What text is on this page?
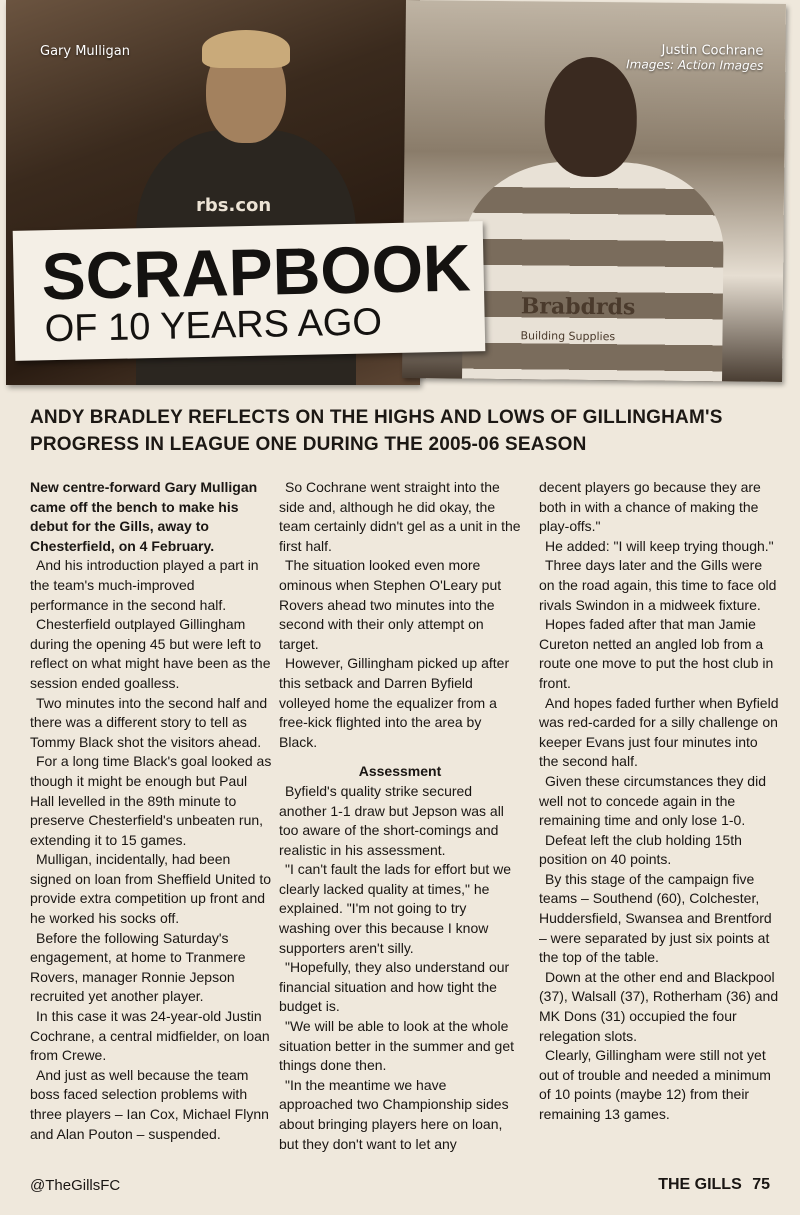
rbs.con
Gary Mulligan
Brabdrds
Building Supplies
Justin Cochrane
Images: Action Images
SCRAPBOOK
OF 10 YEARS AGO
ANDY BRADLEY REFLECTS ON THE HIGHS AND LOWS OF GILLINGHAM'S PROGRESS IN LEAGUE ONE DURING THE 2005-06 SEASON

New centre-forward Gary Mulligan came off the bench to make his debut for the Gills, away to Chesterfield, on 4 February.

And his introduction played a part in the team's much-improved performance in the second half.

Chesterfield outplayed Gillingham during the opening 45 but were left to reflect on what might have been as the session ended goalless.

Two minutes into the second half and there was a different story to tell as Tommy Black shot the visitors ahead.

For a long time Black's goal looked as though it might be enough but Paul Hall levelled in the 89th minute to preserve Chesterfield's unbeaten run, extending it to 15 games.

Mulligan, incidentally, had been signed on loan from Sheffield United to provide extra competition up front and he worked his socks off.

Before the following Saturday's engagement, at home to Tranmere Rovers, manager Ronnie Jepson recruited yet another player.

In this case it was 24-year-old Justin Cochrane, a central midfielder, on loan from Crewe.

And just as well because the team boss faced selection problems with three players – Ian Cox, Michael Flynn and Alan Pouton – suspended.

So Cochrane went straight into the side and, although he did okay, the team certainly didn't gel as a unit in the first half.

The situation looked even more ominous when Stephen O'Leary put Rovers ahead two minutes into the second with their only attempt on target.

However, Gillingham picked up after this setback and Darren Byfield volleyed home the equalizer from a free-kick flighted into the area by Black.

Assessment

Byfield's quality strike secured another 1-1 draw but Jepson was all too aware of the short-comings and realistic in his assessment.

"I can't fault the lads for effort but we clearly lacked quality at times," he explained. "I'm not going to try washing over this because I know supporters aren't silly.

"Hopefully, they also understand our financial situation and how tight the budget is.

"We will be able to look at the whole situation better in the summer and get things done then.

"In the meantime we have approached two Championship sides about bringing players here on loan, but they don't want to let any

decent players go because they are both in with a chance of making the play-offs."

He added: "I will keep trying though."

Three days later and the Gills were on the road again, this time to face old rivals Swindon in a midweek fixture.

Hopes faded after that man Jamie Cureton netted an angled lob from a route one move to put the host club in front.

And hopes faded further when Byfield was red-carded for a silly challenge on keeper Evans just four minutes into the second half.

Given these circumstances they did well not to concede again in the remaining time and only lose 1-0.

Defeat left the club holding 15th position on 40 points.

By this stage of the campaign five teams – Southend (60), Colchester, Huddersfield, Swansea and Brentford – were separated by just six points at the top of the table.

Down at the other end and Blackpool (37), Walsall (37), Rotherham (36) and MK Dons (31) occupied the four relegation slots.

Clearly, Gillingham were still not yet out of trouble and needed a minimum of 10 points (maybe 12) from their remaining 13 games.

@TheGillsFC	THE GILLS 75
